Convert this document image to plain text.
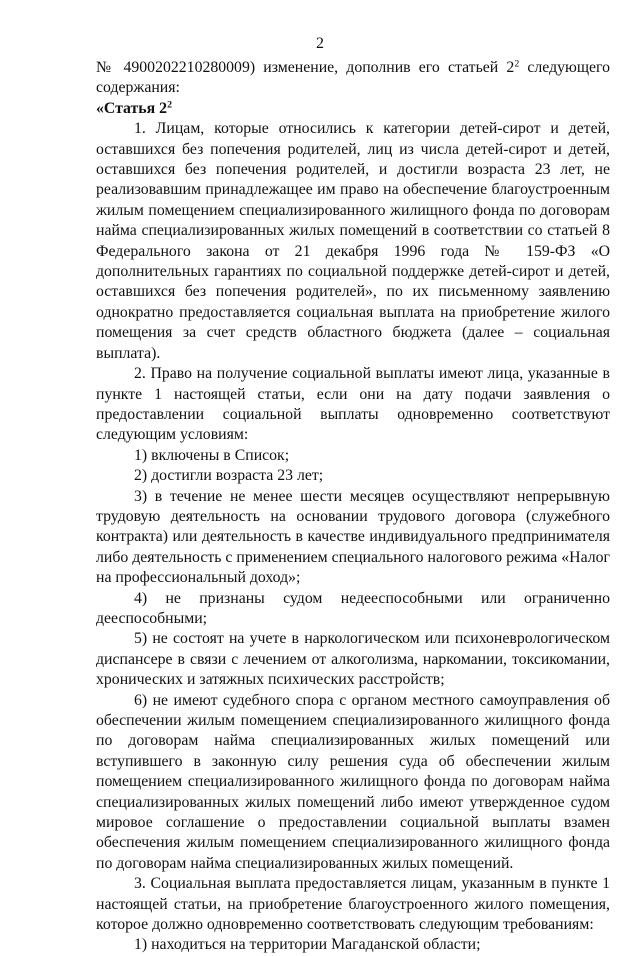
2

№ 4900202210280009) изменение, дополнив его статьей $2^2$ следующего содержания:

«Статья $2^2$

1. Лицам, которые относились к категории детей-сирот и детей, оставшихся без попечения родителей, лиц из числа детей-сирот и детей, оставшихся без попечения родителей, и достигли возраста 23 лет, не реализовавшим принадлежащее им право на обеспечение благоустроенным жилым помещением специализированного жилищного фонда по договорам найма специализированных жилых помещений в соответствии со статьей 8 Федерального закона от 21 декабря 1996 года № 159-ФЗ «О дополнительных гарантиях по социальной поддержке детей-сирот и детей, оставшихся без попечения родителей», по их письменному заявлению однократно предоставляется социальная выплата на приобретение жилого помещения за счет средств областного бюджета (далее – социальная выплата).

2. Право на получение социальной выплаты имеют лица, указанные в пункте 1 настоящей статьи, если они на дату подачи заявления о предоставлении социальной выплаты одновременно соответствуют следующим условиям:

1) включены в Список;

2) достигли возраста 23 лет;

3) в течение не менее шести месяцев осуществляют непрерывную трудовую деятельность на основании трудового договора (служебного контракта) или деятельность в качестве индивидуального предпринимателя либо деятельность с применением специального налогового режима «Налог на профессиональный доход»;

4) не признаны судом недееспособными или ограниченно дееспособными;

5) не состоят на учете в наркологическом или психоневрологическом диспансере в связи с лечением от алкоголизма, наркомании, токсикомании, хронических и затяжных психических расстройств;

6) не имеют судебного спора с органом местного самоуправления об обеспечении жилым помещением специализированного жилищного фонда по договорам найма специализированных жилых помещений или вступившего в законную силу решения суда об обеспечении жилым помещением специализированного жилищного фонда по договорам найма специализированных жилых помещений либо имеют утвержденное судом мировое соглашение о предоставлении социальной выплаты взамен обеспечения жилым помещением специализированного жилищного фонда по договорам найма специализированных жилых помещений.

3. Социальная выплата предоставляется лицам, указанным в пункте 1 настоящей статьи, на приобретение благоустроенного жилого помещения, которое должно одновременно соответствовать следующим требованиям:

1) находиться на территории Магаданской области;
